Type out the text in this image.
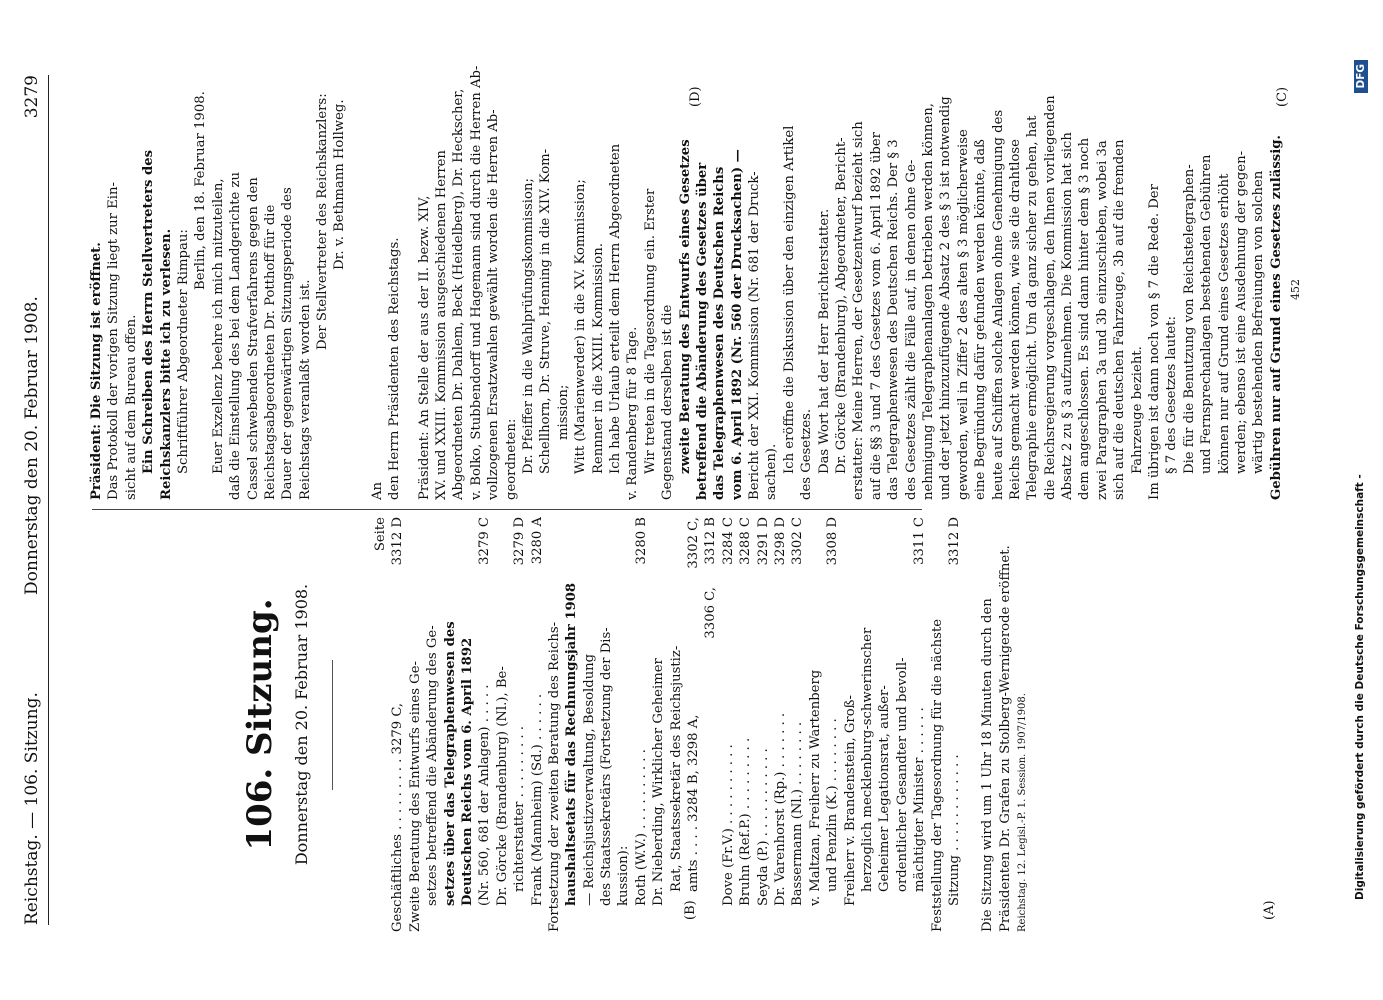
Reichstag. — 106. Sitzung.
Donnerstag den 20. Februar 1908.
3279
(A)
(B)
(C)
(D)
106. Sitzung. Donnerstag den 20. Februar 1908.
Seite 3312 D
Geschäftliches . . . . . . . . . 3279 C, Zweite Beratung des Entwurfs eines Ge- setzes betreffend die Abänderung des Ge- setzes über das Telegraphenwesen des Deutschen Reichs vom 6. April 1892
3279 C
(Nr. 560, 681 der Anlagen) . . . . . Dr. Görcke (Brandenburg) (Nl.), Be-
3279 D
richterstatter . . . . . . . . .
3280 A
Frank (Mannheim) (Sd.) . . . . . . Fortsetzung der zweiten Beratung des Reichs- haushaltsetats für das Rechnungsjahr 1908 — Reichsjustizverwaltung, Besoldung des Staatssekretärs (Fortsetzung der Dis- kussion):
3280 B
Roth (W.V.) . . . . . . . . . . Dr. Nieberding, Wirklicher Geheimer Rat, Staatssekretär des Reichsjustiz-
3302 C,
amts . . . . 3284 B, 3298 A,
3312 B
3306 C,
3284 C
Dove (Fr.V.) . . . . . . . . . .
3288 C
Bruhn (Ref.P.) . . . . . . . . .
3291 D
Seyda (P.) . . . . . . . . . . .
3298 D
Dr. Varenhorst (Rp.) . . . . . . .
3302 C
Bassermann (Nl.) . . . . . . . . v. Maltzan, Freiherr zu Wartenberg
3308 D
und Penzlin (K.) . . . . . . . . Freiherr v. Brandenstein, Groß- herzoglich mecklenburg-schwerinscher Geheimer Legationsrat, außer- ordentlicher Gesandter und bevoll-
3311 C
mächtigter Minister . . . . . . Feststellung der Tagesordnung für die nächste
3312 D
Sitzung . . . . . . . . . . . . Die Sitzung wird um 1 Uhr 18 Minuten durch den Präsidenten Dr. Grafen zu Stolberg-Wernigerode eröffnet. Reichstag. 12. Legisl.-P. 1. Session. 1907/1908.
Präsident: Die Sitzung ist eröffnet. Das Protokoll der vorigen Sitzung liegt zur Ein- sicht auf dem Bureau offen. Ein Schreiben des Herrn Stellvertreters des Reichskanzlers bitte ich zu verlesen. Schriftführer Abgeordneter Rimpau:
Berlin, den 18. Februar 1908. Euer Exzellenz beehre ich mich mitzuteilen, daß die Einstellung des bei dem Landgerichte zu Cassel schwebenden Strafverfahrens gegen den Reichstagsabgeordneten Dr. Potthoff für die Dauer der gegenwärtigen Sitzungsperiode des Reichstags veranlaßt worden ist.
Der Stellvertreter des Reichskanzlers: Dr. v. Bethmann Hollweg.
An den Herrn Präsidenten des Reichstags. Präsident: An Stelle der aus der II. bezw. XIV, XV. und XXIII. Kommission ausgeschiedenen Herren Abgeordneten Dr. Dahlem, Beck (Heidelberg), Dr. Heckscher, v. Bolko, Stubbendorff und Hagemann sind durch die Herren Ab- vollzogenen Ersatzwahlen gewählt worden die Herren Ab- geordneten: Dr. Pfeiffer in die Wahlprüfungskommission; Schellhorn, Dr. Struve, Henning in die XIV. Kom- mission; Witt (Marienwerder) in die XV. Kommission; Rennner in die XXIII. Kommission. Ich habe Urlaub erteilt dem Herrn Abgeordneten v. Randenberg für 8 Tage. Wir treten in die Tagesordnung ein. Erster Gegenstand derselben ist die zweite Beratung des Entwurfs eines Gesetzes betreffend die Abänderung des Gesetzes über das Telegraphenwesen des Deutschen Reichs vom 6. April 1892 (Nr. 560 der Drucksachen) — Bericht der XXI. Kommission (Nr. 681 der Druck- sachen). Ich eröffne die Diskussion über den einzigen Artikel des Gesetzes. Das Wort hat der Herr Berichterstatter. Dr. Görcke (Brandenburg), Abgeordneter, Bericht- erstatter: Meine Herren, der Gesetzentwurf bezieht sich auf die §§ 3 und 7 des Gesetzes vom 6. April 1892 über das Telegraphenwesen des Deutschen Reichs. Der § 3 des Gesetzes zählt die Fälle auf, in denen ohne Ge- nehmigung Telegraphenanlagen betrieben werden können, und der jetzt hinzuzufügende Absatz 2 des § 3 ist notwendig geworden, weil in Ziffer 2 des alten § 3 möglicherweise eine Begründung dafür gefunden werden könnte, daß heute auf Schiffen solche Anlagen ohne Genehmigung des Reichs gemacht werden können, wie sie die drahtlose Telegraphie ermöglicht. Um da ganz sicher zu gehen, hat die Reichsregierung vorgeschlagen, den Ihnen vorliegenden Absatz 2 zu § 3 aufzunehmen. Die Kommission hat sich dem angeschlossen. Es sind dann hinter dem § 3 noch zwei Paragraphen 3a und 3b einzuschieben, wobei 3a sich auf die deutschen Fahrzeuge, 3b auf die fremden Fahrzeuge bezieht. Im übrigen ist dann noch von § 7 die Rede. Der § 7 des Gesetzes lautet: Die für die Benutzung von Reichstelegraphen- und Fernsprechanlagen bestehenden Gebühren können nur auf Grund eines Gesetzes erhöht werden; ebenso ist eine Ausdehnung der gegen- wärtig bestehenden Befreiungen von solchen Gebühren nur auf Grund eines Gesetzes zulässig. 452
Digitalisierung gefördert durch die Deutsche Forschungsgemeinschaft -
DFG
